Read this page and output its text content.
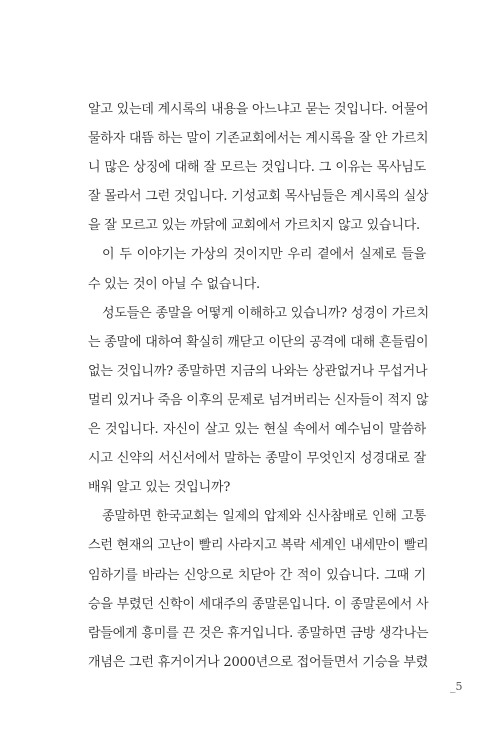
알고 있는데 계시록의 내용을 아느냐고 묻는 것입니다. 어물어
물하자 대뜸 하는 말이 기존교회에서는 계시록을 잘 안 가르치
니 많은 상징에 대해 잘 모르는 것입니다. 그 이유는 목사님도
잘 몰라서 그런 것입니다. 기성교회 목사님들은 계시록의 실상
을 잘 모르고 있는 까닭에 교회에서 가르치지 않고 있습니다.

이 두 이야기는 가상의 것이지만 우리 곁에서 실제로 들을
수 있는 것이 아닐 수 없습니다.

성도들은 종말을 어떻게 이해하고 있습니까? 성경이 가르치
는 종말에 대하여 확실히 깨닫고 이단의 공격에 대해 흔들림이
없는 것입니까? 종말하면 지금의 나와는 상관없거나 무섭거나
멀리 있거나 죽음 이후의 문제로 넘겨버리는 신자들이 적지 않
은 것입니다. 자신이 살고 있는 현실 속에서 예수님이 말씀하
시고 신약의 서신서에서 말하는 종말이 무엇인지 성경대로 잘
배워 알고 있는 것입니까?

종말하면 한국교회는 일제의 압제와 신사참배로 인해 고통
스런 현재의 고난이 빨리 사라지고 복락 세계인 내세만이 빨리
임하기를 바라는 신앙으로 치닫아 간 적이 있습니다. 그때 기
승을 부렸던 신학이 세대주의 종말론입니다. 이 종말론에서 사
람들에게 흥미를 끈 것은 휴거입니다. 종말하면 금방 생각나는
개념은 그런 휴거이거나 2000년으로 접어들면서 기승을 부렸

_5
